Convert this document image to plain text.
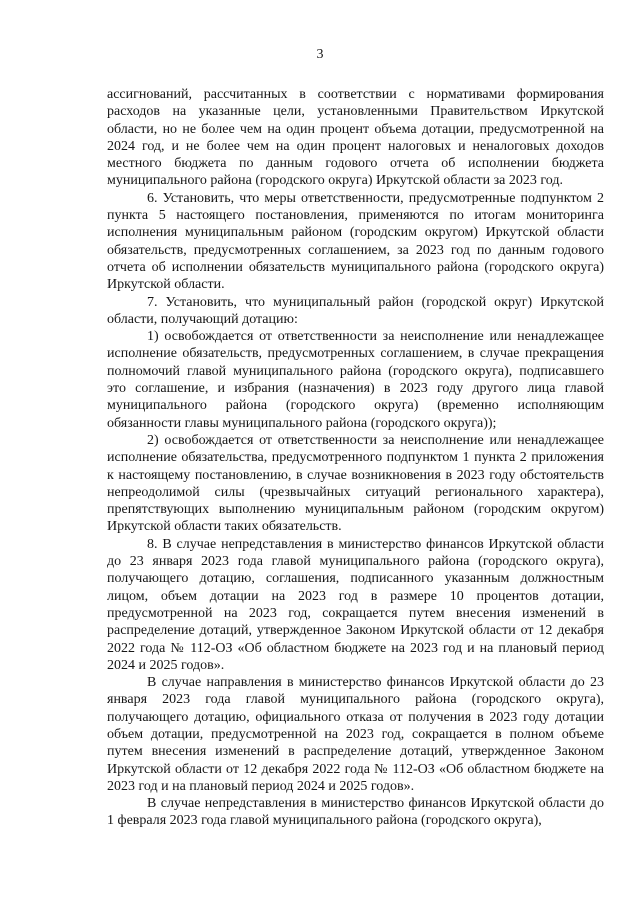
3

ассигнований, рассчитанных в соответствии с нормативами формирования расходов на указанные цели, установленными Правительством Иркутской области, но не более чем на один процент объема дотации, предусмотренной на 2024 год, и не более чем на один процент налоговых и неналоговых доходов местного бюджета по данным годового отчета об исполнении бюджета муниципального района (городского округа) Иркутской области за 2023 год.

6. Установить, что меры ответственности, предусмотренные подпунктом 2 пункта 5 настоящего постановления, применяются по итогам мониторинга исполнения муниципальным районом (городским округом) Иркутской области обязательств, предусмотренных соглашением, за 2023 год по данным годового отчета об исполнении обязательств муниципального района (городского округа) Иркутской области.

7. Установить, что муниципальный район (городской округ) Иркутской области, получающий дотацию:

1) освобождается от ответственности за неисполнение или ненадлежащее исполнение обязательств, предусмотренных соглашением, в случае прекращения полномочий главой муниципального района (городского округа), подписавшего это соглашение, и избрания (назначения) в 2023 году другого лица главой муниципального района (городского округа) (временно исполняющим обязанности главы муниципального района (городского округа));

2) освобождается от ответственности за неисполнение или ненадлежащее исполнение обязательства, предусмотренного подпунктом 1 пункта 2 приложения к настоящему постановлению, в случае возникновения в 2023 году обстоятельств непреодолимой силы (чрезвычайных ситуаций регионального характера), препятствующих выполнению муниципальным районом (городским округом) Иркутской области таких обязательств.

8. В случае непредставления в министерство финансов Иркутской области до 23 января 2023 года главой муниципального района (городского округа), получающего дотацию, соглашения, подписанного указанным должностным лицом, объем дотации на 2023 год в размере 10 процентов дотации, предусмотренной на 2023 год, сокращается путем внесения изменений в распределение дотаций, утвержденное Законом Иркутской области от 12 декабря 2022 года № 112-ОЗ «Об областном бюджете на 2023 год и на плановый период 2024 и 2025 годов».

В случае направления в министерство финансов Иркутской области до 23 января 2023 года главой муниципального района (городского округа), получающего дотацию, официального отказа от получения в 2023 году дотации объем дотации, предусмотренной на 2023 год, сокращается в полном объеме путем внесения изменений в распределение дотаций, утвержденное Законом Иркутской области от 12 декабря 2022 года № 112-ОЗ «Об областном бюджете на 2023 год и на плановый период 2024 и 2025 годов».

В случае непредставления в министерство финансов Иркутской области до 1 февраля 2023 года главой муниципального района (городского округа),
